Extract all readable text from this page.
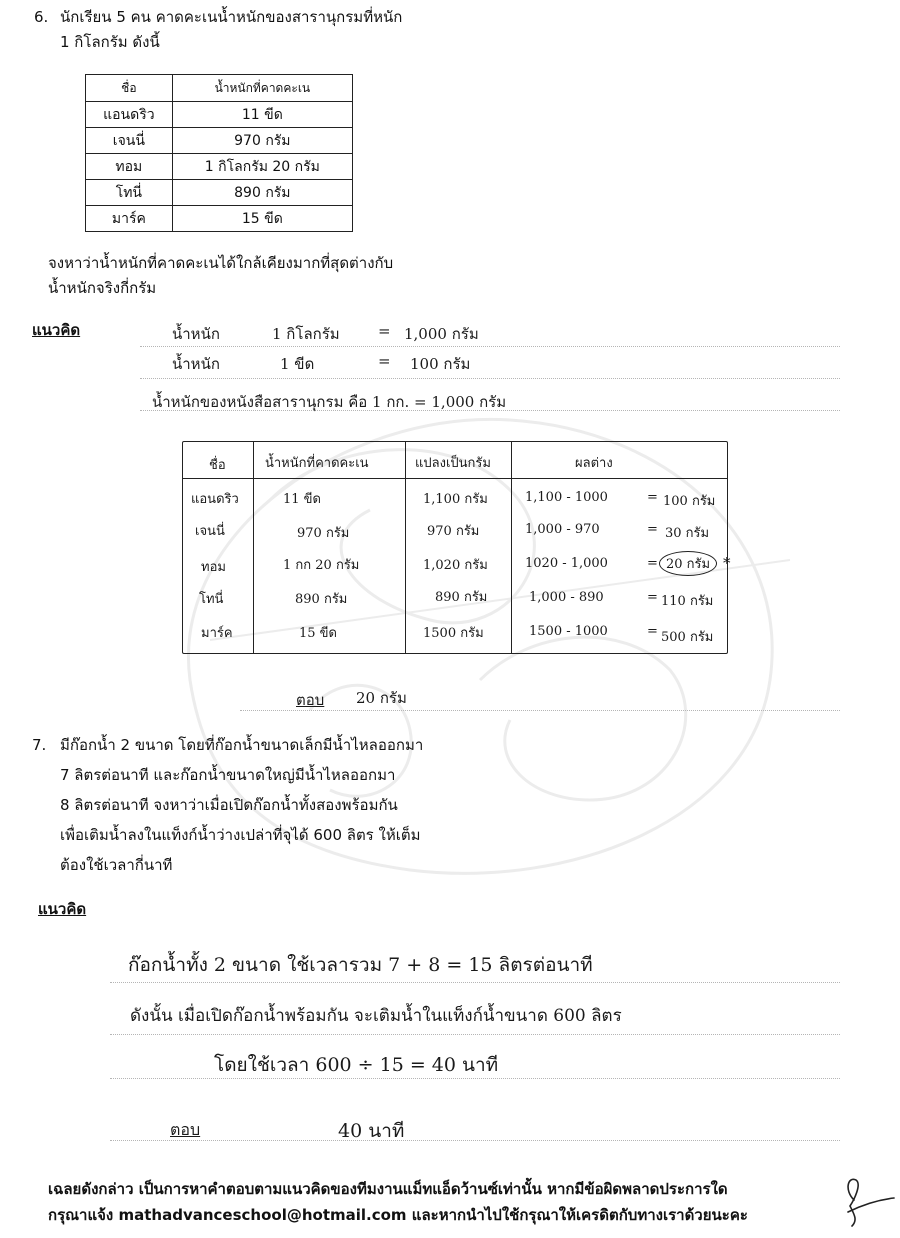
6. นักเรียน 5 คน คาดคะเนน้ำหนักของสารานุกรมที่หนัก
1 กิโลกรัม ดังนี้
ชื่อ	น้ำหนักที่คาดคะเน
แอนดริว	11 ขีด
เจนนี่	970 กรัม
ทอม	1 กิโลกรัม 20 กรัม
โทนี่	890 กรัม
มาร์ค	15 ขีด
จงหาว่าน้ำหนักที่คาดคะเนได้ใกล้เคียงมากที่สุดต่างกับ
น้ำหนักจริงกี่กรัม
แนวคิด	น้ำหนัก	1 กิโลกรัม	= 1,000 กรัม
น้ำหนัก	1 ขีด	= 100 กรัม
น้ำหนักของหนังสือสารานุกรม คือ 1 กก. = 1,000 กรัม
ชื่อ	น้ำหนักที่คาดคะเน	แปลงเป็นกรัม	ผลต่าง
แอนดริว	11 ขีด	1,100 กรัม	1,100 - 1000	= 100 กรัม
เจนนี่	970 กรัม	970 กรัม	1,000 - 970	= 30 กรัม
ทอม	1 กก 20 กรัม	1,020 กรัม	1020 - 1,000	= 20 กรัม *
โทนี่	890 กรัม	890 กรัม	1,000 - 890	= 110 กรัม
มาร์ค	15 ขีด	1500 กรัม	1500 - 1000	= 500 กรัม
ตอบ 20 กรัม
7. มีก๊อกน้ำ 2 ขนาด โดยที่ก๊อกน้ำขนาดเล็กมีน้ำไหลออกมา
7 ลิตรต่อนาที และก๊อกน้ำขนาดใหญ่มีน้ำไหลออกมา
8 ลิตรต่อนาที จงหาว่าเมื่อเปิดก๊อกน้ำทั้งสองพร้อมกัน
เพื่อเติมน้ำลงในแท็งก์น้ำว่างเปล่าที่จุได้ 600 ลิตร ให้เต็ม
ต้องใช้เวลากี่นาที
แนวคิด
ก๊อกน้ำทั้ง 2 ขนาด ใช้เวลารวม 7 + 8 = 15 ลิตรต่อนาที
ดังนั้น เมื่อเปิดก๊อกน้ำพร้อมกัน จะเติมน้ำในแท็งก์น้ำขนาด 600 ลิตร
โดยใช้เวลา 600 ÷ 15 = 40 นาที
ตอบ	40 นาที
เฉลยดังกล่าว เป็นการหาคำตอบตามแนวคิดของทีมงานแม็ทแอ็ดว้านซ์เท่านั้น หากมีข้อผิดพลาดประการใด
กรุณาแจ้ง mathadvanceschool@hotmail.com และหากนำไปใช้กรุณาให้เครดิตกับทางเราด้วยนะคะ
